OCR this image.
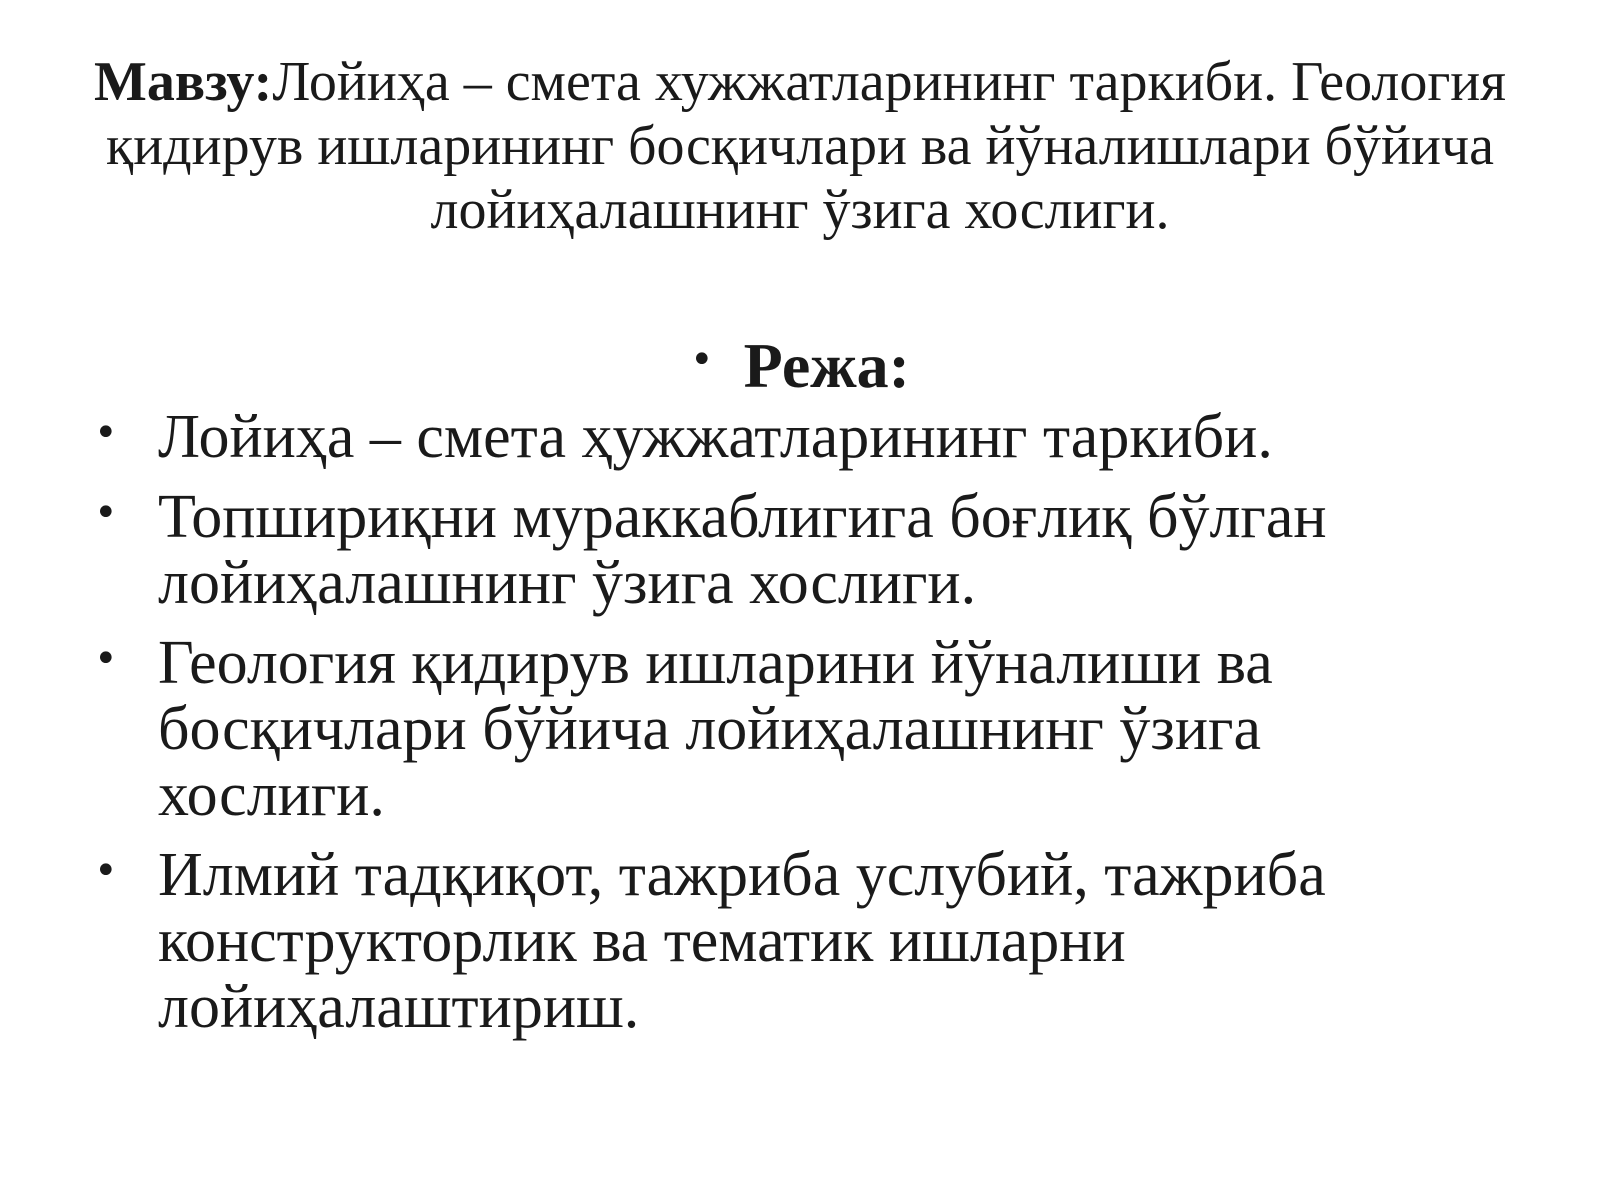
Мавзу:Лойиҳа – смета хужжатларининг таркиби. Геология қидирув ишларининг босқичлари ва йўналишлари бўйича лойиҳалашнинг ўзига хослиги.
• Режа:
• Лойиҳа – смета ҳужжатларининг таркиби.
• Топшириқни мураккаблигига боғлиқ бўлган лойиҳалашнинг ўзига хослиги.
• Геология қидирув ишларини йўналиши ва босқичлари бўйича лойиҳалашнинг ўзига хослиги.
• Илмий тадқиқот, тажриба услубий, тажриба конструкторлик ва тематик ишларни лойиҳалаштириш.
